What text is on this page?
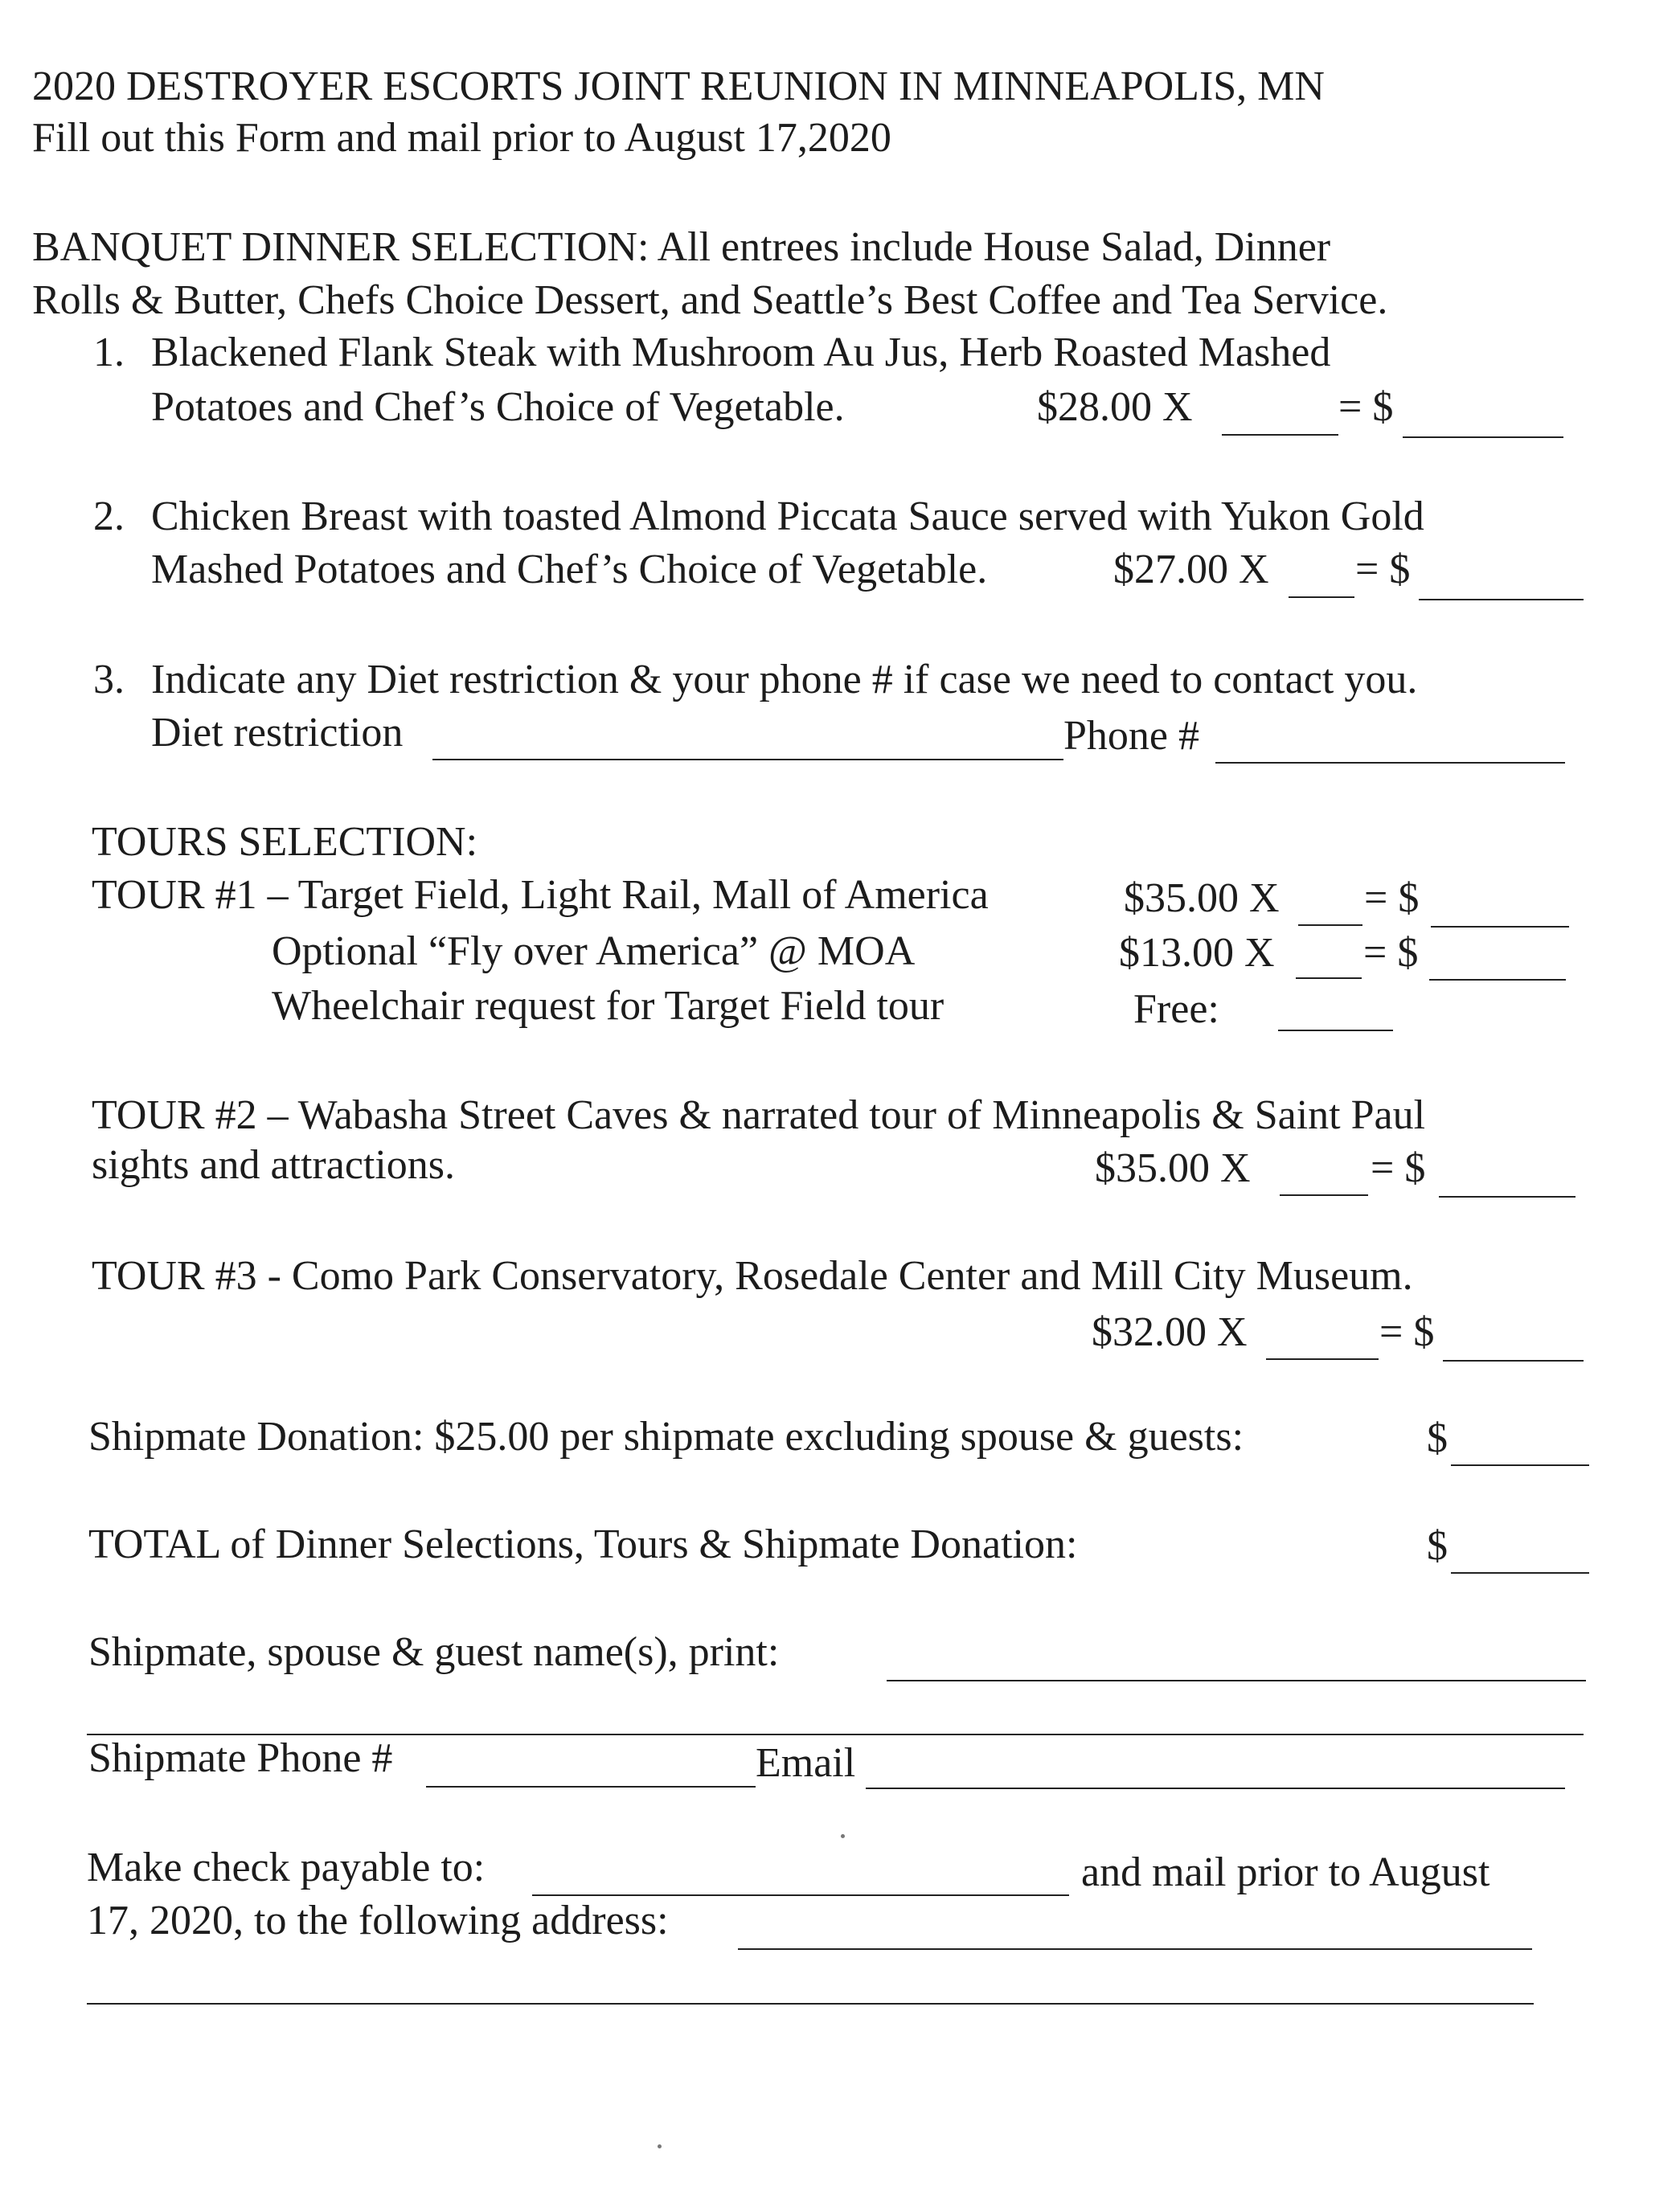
2020 DESTROYER ESCORTS JOINT REUNION IN MINNEAPOLIS, MN
Fill out this Form and mail prior to August 17,2020
BANQUET DINNER SELECTION: All entrees include House Salad, Dinner
Rolls & Butter, Chefs Choice Dessert, and Seattle’s Best Coffee and Tea Service.
1. Blackened Flank Steak with Mushroom Au Jus, Herb Roasted Mashed
Potatoes and Chef’s Choice of Vegetable.	$28.00 X	= $
2. Chicken Breast with toasted Almond Piccata Sauce served with Yukon Gold
Mashed Potatoes and Chef’s Choice of Vegetable.	$27.00 X = $
3. Indicate any Diet restriction & your phone # if case we need to contact you.
Diet restriction	Phone #
TOURS SELECTION:
TOUR #1 – Target Field, Light Rail, Mall of America	$35.00 X = $
Optional “Fly over America” @ MOA	$13.00 X = $
Wheelchair request for Target Field tour	Free:
TOUR #2 – Wabasha Street Caves & narrated tour of Minneapolis & Saint Paul
sights and attractions.	$35.00 X	= $
TOUR #3 - Como Park Conservatory, Rosedale Center and Mill City Museum.
$32.00 X	= $
Shipmate Donation: $25.00 per shipmate excluding spouse & guests:	$
TOTAL of Dinner Selections, Tours & Shipmate Donation:	$
Shipmate, spouse & guest name(s), print:
Shipmate Phone #	Email
Make check payable to:	and mail prior to August
17, 2020, to the following address:
